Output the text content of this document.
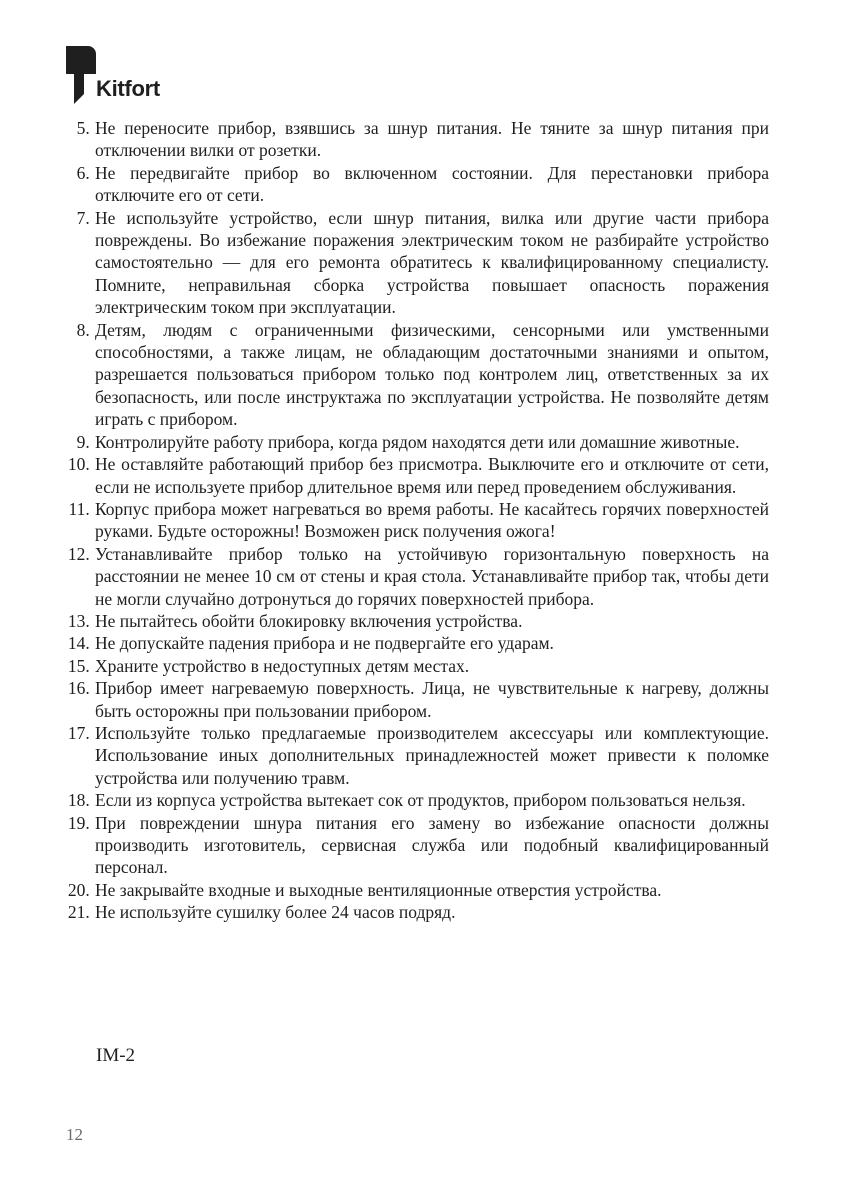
Kitfort
5. Не переносите прибор, взявшись за шнур питания. Не тяните за шнур питания при отключении вилки от розетки.
6. Не передвигайте прибор во включенном состоянии. Для перестановки прибора отключите его от сети.
7. Не используйте устройство, если шнур питания, вилка или другие части прибора повреждены. Во избежание поражения электрическим током не разбирайте устройство самостоятельно — для его ремонта обратитесь к квалифицированному специалисту. Помните, неправильная сборка устройства повышает опасность поражения электрическим током при эксплуатации.
8. Детям, людям с ограниченными физическими, сенсорными или умственными способностями, а также лицам, не обладающим достаточными знаниями и опытом, разрешается пользоваться прибором только под контролем лиц, ответственных за их безопасность, или после инструктажа по эксплуатации устройства. Не позволяйте детям играть с прибором.
9. Контролируйте работу прибора, когда рядом находятся дети или домашние животные.
10. Не оставляйте работающий прибор без присмотра. Выключите его и отключите от сети, если не используете прибор длительное время или перед проведением обслуживания.
11. Корпус прибора может нагреваться во время работы. Не касайтесь горячих поверхностей руками. Будьте осторожны! Возможен риск получения ожога!
12. Устанавливайте прибор только на устойчивую горизонтальную поверхность на расстоянии не менее 10 см от стены и края стола. Устанавливайте прибор так, чтобы дети не могли случайно дотронуться до горячих поверхностей прибора.
13. Не пытайтесь обойти блокировку включения устройства.
14. Не допускайте падения прибора и не подвергайте его ударам.
15. Храните устройство в недоступных детям местах.
16. Прибор имеет нагреваемую поверхность. Лица, не чувствительные к нагреву, должны быть осторожны при пользовании прибором.
17. Используйте только предлагаемые производителем аксессуары или комплектующие. Использование иных дополнительных принадлежностей может привести к поломке устройства или получению травм.
18. Если из корпуса устройства вытекает сок от продуктов, прибором пользоваться нельзя.
19. При повреждении шнура питания его замену во избежание опасности должны производить изготовитель, сервисная служба или подобный квалифицированный персонал.
20. Не закрывайте входные и выходные вентиляционные отверстия устройства.
21. Не используйте сушилку более 24 часов подряд.
IM-2
12
